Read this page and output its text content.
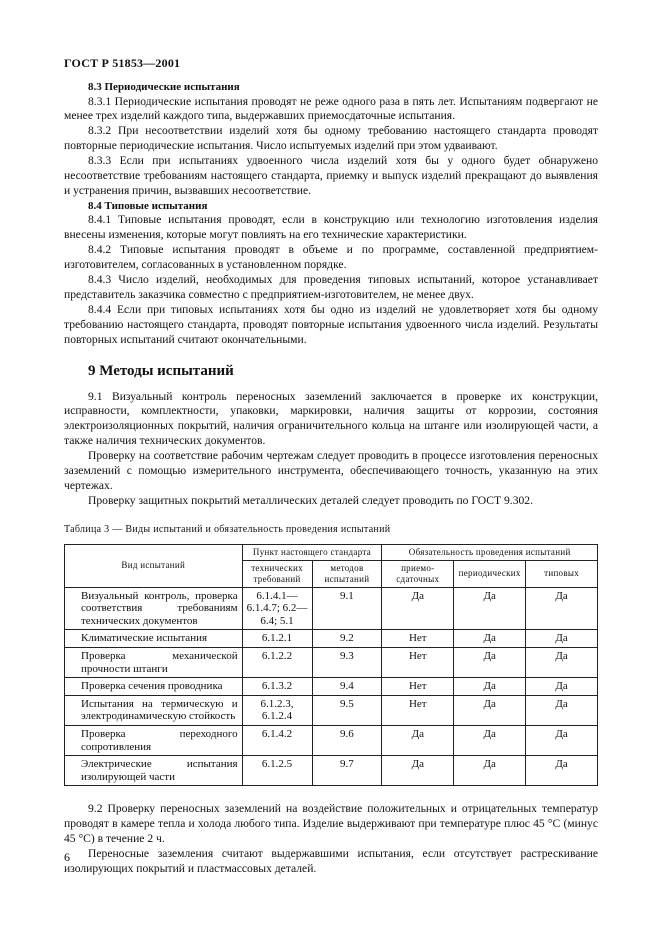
ГОСТ Р 51853—2001
8.3 Периодические испытания

8.3.1 Периодические испытания проводят не реже одного раза в пять лет. Испытаниям подвергают не менее трех изделий каждого типа, выдержавших приемосдаточные испытания.

8.3.2 При несоответствии изделий хотя бы одному требованию настоящего стандарта проводят повторные периодические испытания. Число испытуемых изделий при этом удваивают.

8.3.3 Если при испытаниях удвоенного числа изделий хотя бы у одного будет обнаружено несоответствие требованиям настоящего стандарта, приемку и выпуск изделий прекращают до выявления и устранения причин, вызвавших несоответствие.

8.4 Типовые испытания

8.4.1 Типовые испытания проводят, если в конструкцию или технологию изготовления изделия внесены изменения, которые могут повлиять на его технические характеристики.

8.4.2 Типовые испытания проводят в объеме и по программе, составленной предприятием-изготовителем, согласованных в установленном порядке.

8.4.3 Число изделий, необходимых для проведения типовых испытаний, которое устанавливает представитель заказчика совместно с предприятием-изготовителем, не менее двух.

8.4.4 Если при типовых испытаниях хотя бы одно из изделий не удовлетворяет хотя бы одному требованию настоящего стандарта, проводят повторные испытания удвоенного числа изделий. Результаты повторных испытаний считают окончательными.

9 Методы испытаний

9.1 Визуальный контроль переносных заземлений заключается в проверке их конструкции, исправности, комплектности, упаковки, маркировки, наличия защиты от коррозии, состояния электроизоляционных покрытий, наличия ограничительного кольца на штанге или изолирующей части, а также наличия технических документов.

Проверку на соответствие рабочим чертежам следует проводить в процессе изготовления переносных заземлений с помощью измерительного инструмента, обеспечивающего точность, указанную на этих чертежах.

Проверку защитных покрытий металлических деталей следует проводить по ГОСТ 9.302.

Таблица 3 — Виды испытаний и обязательность проведения испытаний
Вид испытаний	Пункт настоящего стандарта		Обязательность проведения испытаний		
	технических требований	методов испытаний	приемо-сдаточных	периодических	типовых
Визуальный контроль, проверка соответствия требованиям технических документов	6.1.4.1— 6.1.4.7; 6.2—6.4; 5.1	9.1	Да	Да	Да
Климатические испытания	6.1.2.1	9.2	Нет	Да	Да
Проверка механической прочности штанги	6.1.2.2	9.3	Нет	Да	Да
Проверка сечения проводника	6.1.3.2	9.4	Нет	Да	Да
Испытания на термическую и электродинамическую стойкость	6.1.2.3, 6.1.2.4	9.5	Нет	Да	Да
Проверка переходного сопротивления	6.1.4.2	9.6	Да	Да	Да
Электрические испытания изолирующей части	6.1.2.5	9.7	Да	Да	Да

9.2 Проверку переносных заземлений на воздействие положительных и отрицательных температур проводят в камере тепла и холода любого типа. Изделие выдерживают при температуре плюс 45 °С (минус 45 °С) в течение 2 ч.

Переносные заземления считают выдержавшими испытания, если отсутствует растрескивание изолирующих покрытий и пластмассовых деталей.

6
